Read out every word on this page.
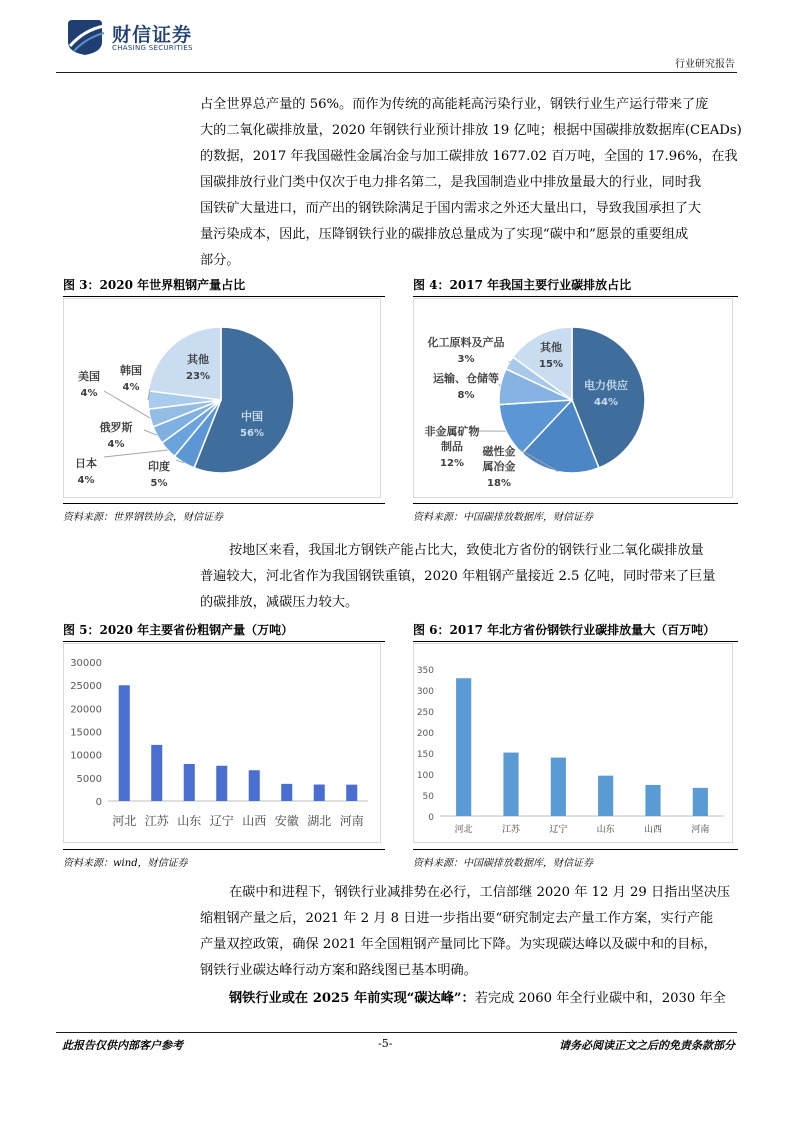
财信证券
CHASING SECURITIES
行业研究报告
占全世界总产量的 56%。而作为传统的高能耗高污染行业，钢铁行业生产运行带来了庞
大的二氧化碳排放量，2020 年钢铁行业预计排放 19 亿吨；根据中国碳排放数据库(CEADs)
的数据，2017 年我国磁性金属冶金与加工碳排放 1677.02 百万吨，全国的 17.96%，在我
国碳排放行业门类中仅次于电力排名第二，是我国制造业中排放量最大的行业，同时我
国铁矿大量进口，而产出的钢铁除满足于国内需求之外还大量出口，导致我国承担了大
量污染成本，因此，压降钢铁行业的碳排放总量成为了实现“碳中和”愿景的重要组成
部分。
图 3：2020 年世界粗钢产量占比
中国
56%
印度
5%
日本
4%
俄罗斯
4%
美国
4%
韩国
4%
其他
23%
资料来源：世界钢铁协会，财信证券
图 4：2017 年我国主要行业碳排放占比
电力供应
44%
磁性金
属冶金
18%
非金属矿物
制品
12%
运输、仓储等
8%
化工原料及产品
3%
其他
15%
资料来源：中国碳排放数据库，财信证券
按地区来看，我国北方钢铁产能占比大，致使北方省份的钢铁行业二氧化碳排放量
普遍较大，河北省作为我国钢铁重镇，2020 年粗钢产量接近 2.5 亿吨，同时带来了巨量
的碳排放，减碳压力较大。
图 5：2020 年主要省份粗钢产量（万吨）
0
5000
10000
15000
20000
25000
30000
河北 江苏 山东 辽宁 山西 安徽 湖北 河南
资料来源：wind，财信证券
图 6：2017 年北方省份钢铁行业碳排放量大（百万吨）
0
50
100
150
200
250
300
350
河北	江苏	辽宁	山东	山西	河南
资料来源：中国碳排放数据库，财信证券
在碳中和进程下，钢铁行业减排势在必行，工信部继 2020 年 12 月 29 日指出坚决压
缩粗钢产量之后，2021 年 2 月 8 日进一步指出要“研究制定去产量工作方案，实行产能
产量双控政策，确保 2021 年全国粗钢产量同比下降。为实现碳达峰以及碳中和的目标，
钢铁行业碳达峰行动方案和路线图已基本明确。
钢铁行业或在 2025 年前实现“碳达峰”：若完成 2060 年全行业碳中和，2030 年全
此报告仅供内部客户参考	-5-	请务必阅读正文之后的免责条款部分
